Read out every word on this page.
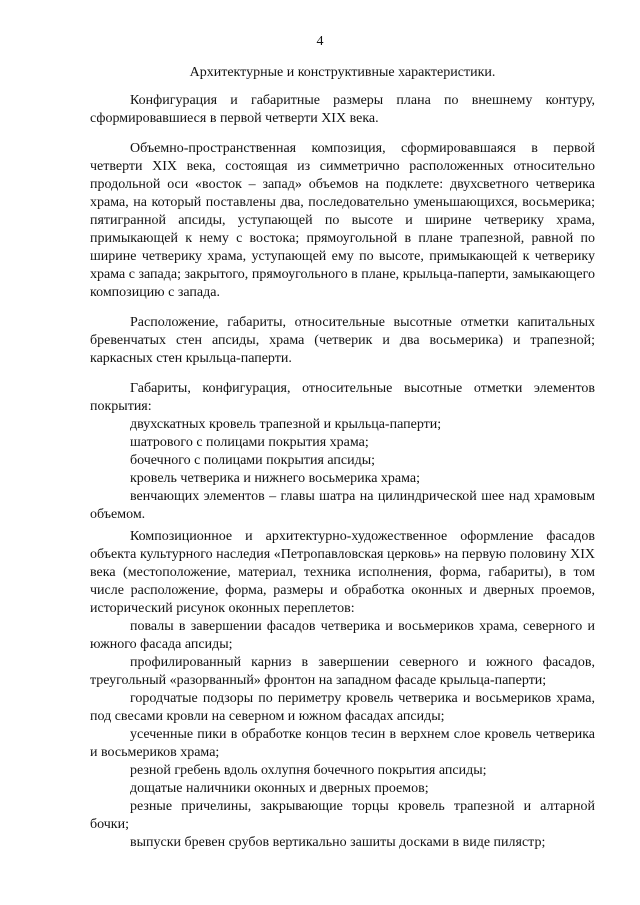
4

Архитектурные и конструктивные характеристики.

Конфигурация и габаритные размеры плана по внешнему контуру, сформировавшиеся в первой четверти XIX века.

Объемно-пространственная композиция, сформировавшаяся в первой четверти XIX века, состоящая из симметрично расположенных относительно продольной оси «восток – запад» объемов на подклете: двухсветного четверика храма, на который поставлены два, последовательно уменьшающихся, восьмерика; пятигранной апсиды, уступающей по высоте и ширине четверику храма, примыкающей к нему с востока; прямоугольной в плане трапезной, равной по ширине четверику храма, уступающей ему по высоте, примыкающей к четверику храма с запада; закрытого, прямоугольного в плане, крыльца-паперти, замыкающего композицию с запада.

Расположение, габариты, относительные высотные отметки капитальных бревенчатых стен апсиды, храма (четверик и два восьмерика) и трапезной; каркасных стен крыльца-паперти.

Габариты, конфигурация, относительные высотные отметки элементов покрытия:

двухскатных кровель трапезной и крыльца-паперти;

шатрового с полицами покрытия храма;

бочечного с полицами покрытия апсиды;

кровель четверика и нижнего восьмерика храма;

венчающих элементов – главы шатра на цилиндрической шее над храмовым объемом.

Композиционное и архитектурно-художественное оформление фасадов объекта культурного наследия «Петропавловская церковь» на первую половину XIX века (местоположение, материал, техника исполнения, форма, габариты), в том числе расположение, форма, размеры и обработка оконных и дверных проемов, исторический рисунок оконных переплетов:

повалы в завершении фасадов четверика и восьмериков храма, северного и южного фасада апсиды;

профилированный карниз в завершении северного и южного фасадов, треугольный «разорванный» фронтон на западном фасаде крыльца-паперти;

городчатые подзоры по периметру кровель четверика и восьмериков храма, под свесами кровли на северном и южном фасадах апсиды;

усеченные пики в обработке концов тесин в верхнем слое кровель четверика и восьмериков храма;

резной гребень вдоль охлупня бочечного покрытия апсиды;

дощатые наличники оконных и дверных проемов;

резные причелины, закрывающие торцы кровель трапезной и алтарной бочки;

выпуски бревен срубов вертикально зашиты досками в виде пилястр;
